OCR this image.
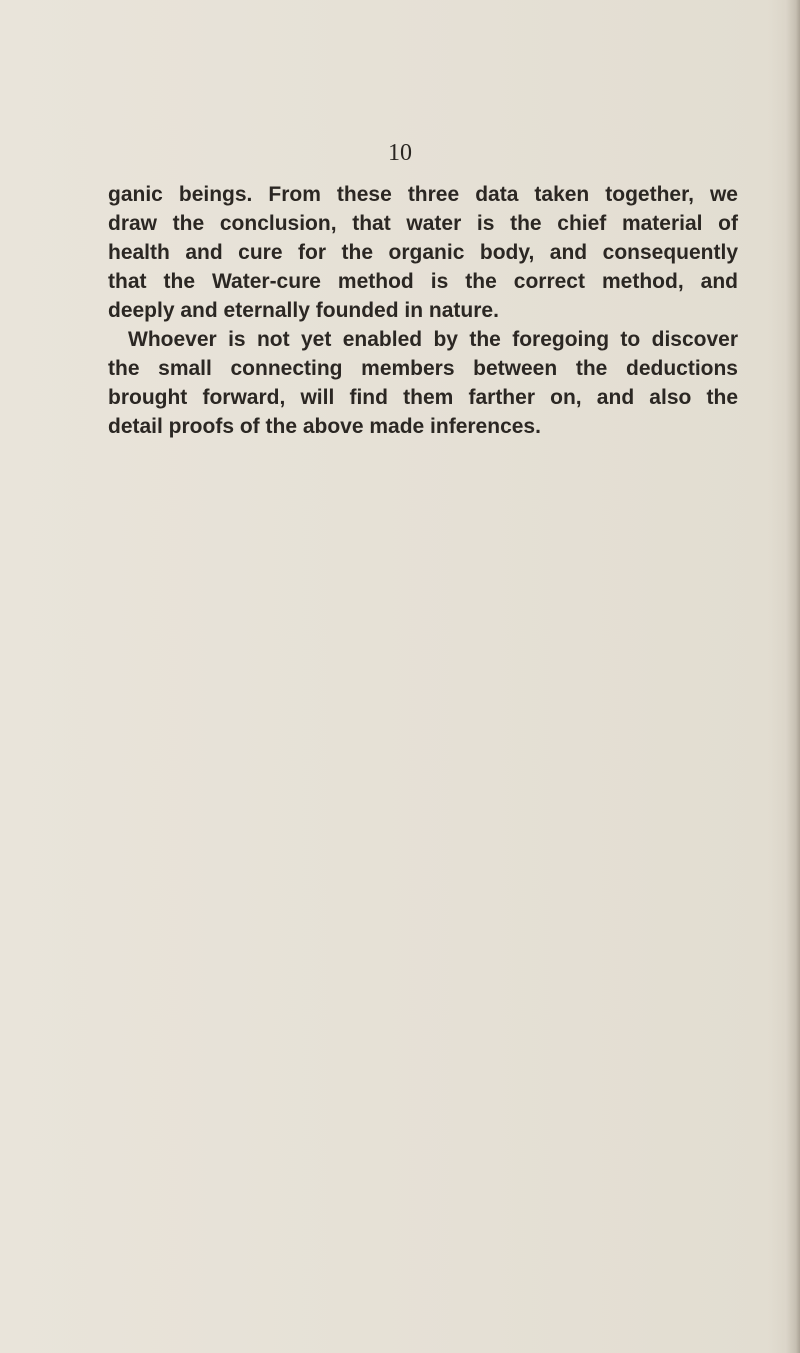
10
ganic beings. From these three data taken together, we
draw the conclusion, that water is the chief material of
health and cure for the organic body, and consequently
that the Water-cure method is the correct method, and
deeply and eternally founded in nature.
Whoever is not yet enabled by the foregoing to discover
the small connecting members between the deductions
brought forward, will find them farther on, and also the
detail proofs of the above made inferences.
